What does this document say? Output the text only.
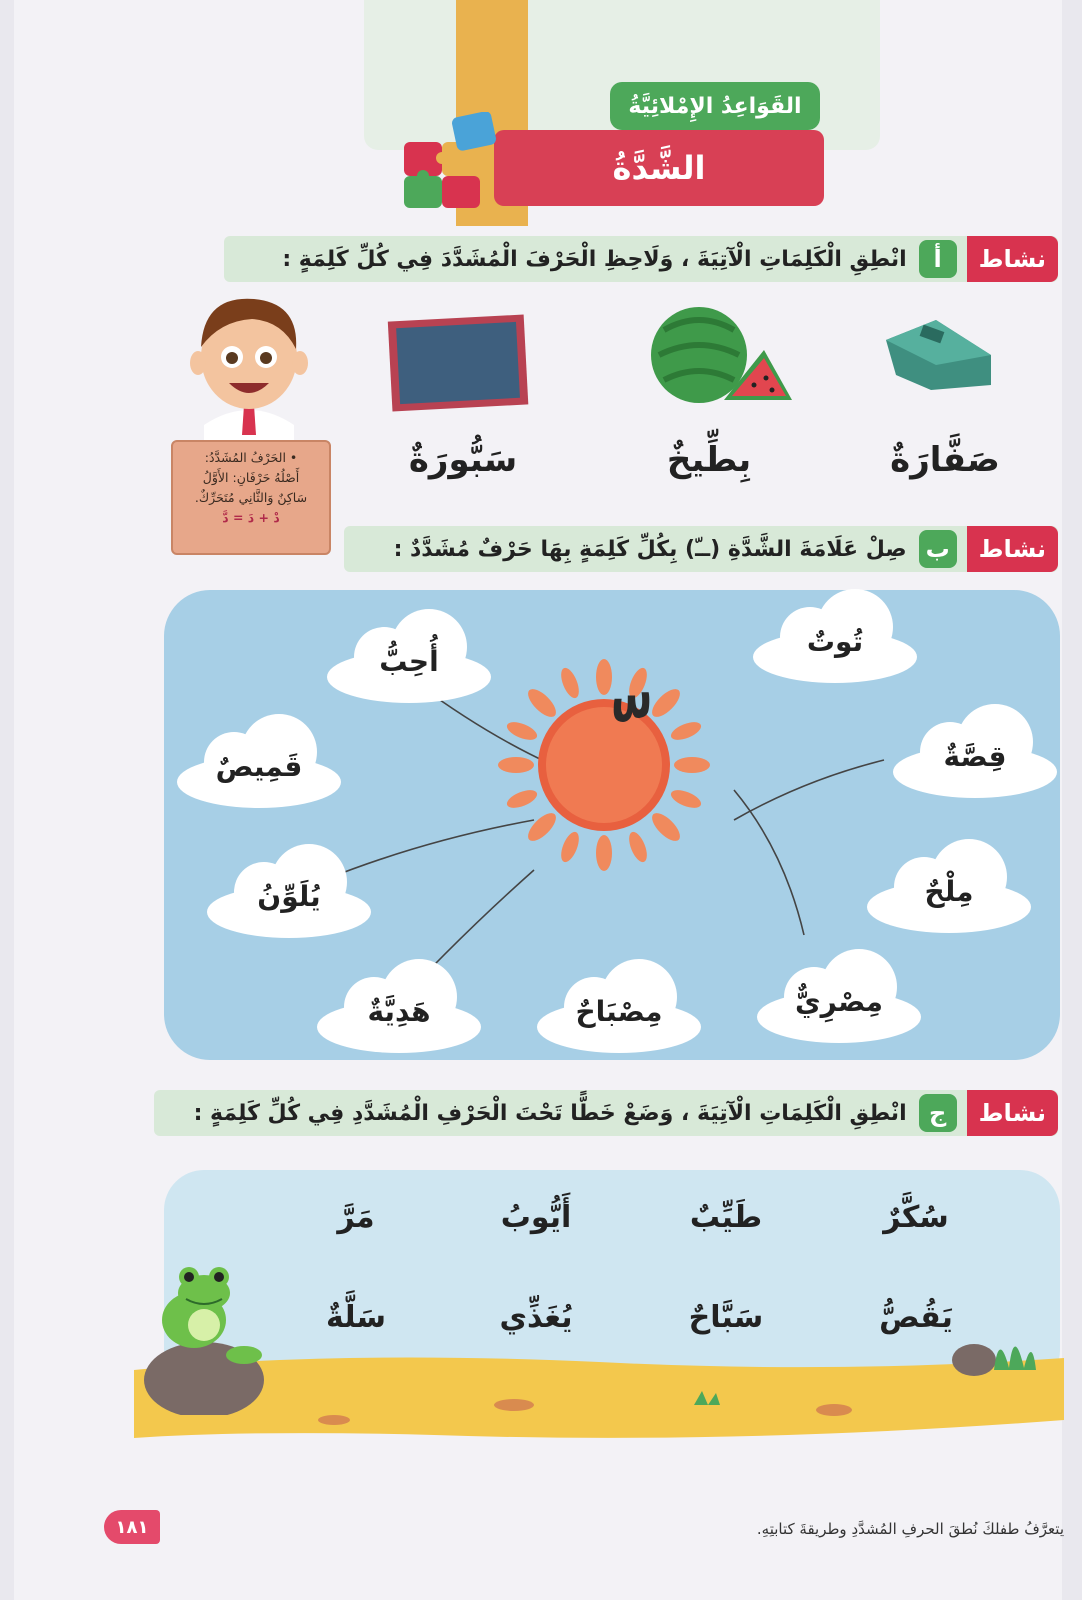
القَوَاعِدُ الإِمْلائِيَّةُ
الشَّدَّةُ
نشاط
أ
انْطِقِ الْكَلِمَاتِ الْآتِيَةَ ، وَلَاحِظِ الْحَرْفَ الْمُشَدَّدَ فِي كُلِّ كَلِمَةٍ :
صَفَّارَةٌ
بِطِّيخٌ
سَبُّورَةٌ
• الحَرْفُ المُشَدَّدُ:
أَصْلُهُ حَرْفَانِ: الأَوَّلُ
سَاكِنٌ وَالثَّانِي مُتَحَرِّكٌ.
دْ + دَ = دَّ
نشاط
ب
صِلْ عَلَامَةَ الشَّدَّةِ (ــّ) بِكُلِّ كَلِمَةٍ بِهَا حَرْفٌ مُشَدَّدٌ :
تُوتٌ
أُحِبُّ
قَمِيصٌ	قِصَّةٌ
مِلْحٌ
يُلَوِّنُ
مِصْرِيٌّ
مِصْبَاحٌ
هَدِيَّةٌ
نشاط
ج
انْطِقِ الْكَلِمَاتِ الْآتِيَةَ ، وَضَعْ خَطًّا تَحْتَ الْحَرْفِ الْمُشَدَّدِ فِي كُلِّ كَلِمَةٍ :
سُكَّرٌ
طَيِّبٌ
أَيُّوبُ
مَرَّ
يَقُصُّ
سَبَّاحٌ
يُغَذِّي
سَلَّةٌ
١٨١	يتعرَّفُ طفلكَ نُطقَ الحرفِ المُشدَّدِ وطريقةَ كتابتِهِ.
